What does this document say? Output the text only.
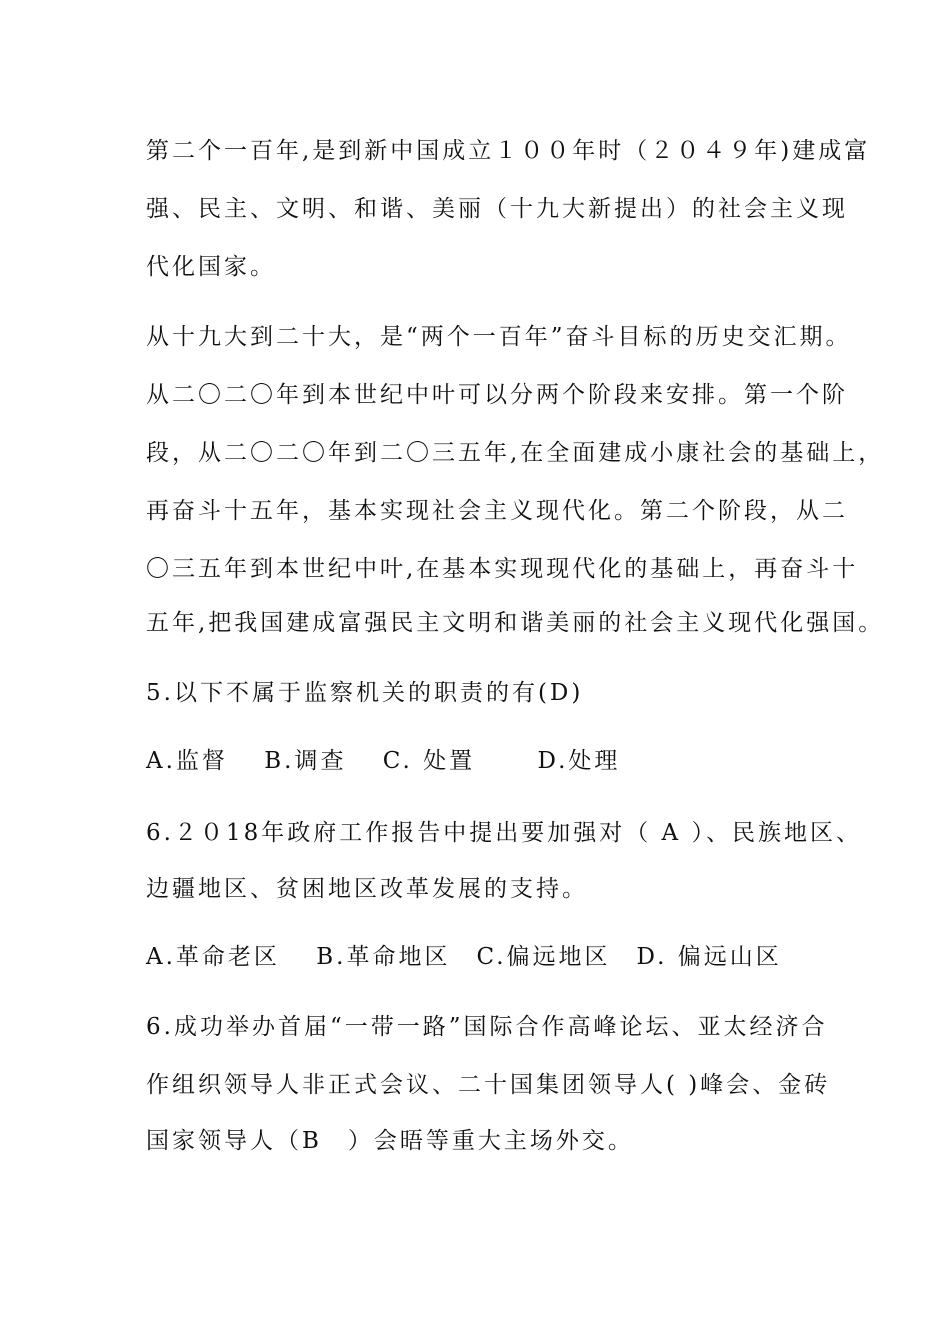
第二个一百年,是到新中国成立１００年时（２０４９年)建成富

强、民主、文明、和谐、美丽（十九大新提出）的社会主义现

代化国家。

从十九大到二十大，是“两个一百年”奋斗目标的历史交汇期。

从二〇二〇年到本世纪中叶可以分两个阶段来安排。第一个阶

段，从二〇二〇年到二〇三五年,在全面建成小康社会的基础上，

再奋斗十五年，基本实现社会主义现代化。第二个阶段，从二

〇三五年到本世纪中叶,在基本实现现代化的基础上，再奋斗十

五年,把我国建成富强民主文明和谐美丽的社会主义现代化强国。

5.以下不属于监察机关的职责的有(D)

A.监督　 B.调查　 C. 处置　　 D.处理

6.２０18年政府工作报告中提出要加强对（ A ）、民族地区、

边疆地区、贫困地区改革发展的支持。

A.革命老区　 B.革命地区　C.偏远地区　D. 偏远山区

6.成功举办首届“一带一路”国际合作高峰论坛、亚太经济合

作组织领导人非正式会议、二十国集团领导人( )峰会、金砖

国家领导人（B　）会晤等重大主场外交。
